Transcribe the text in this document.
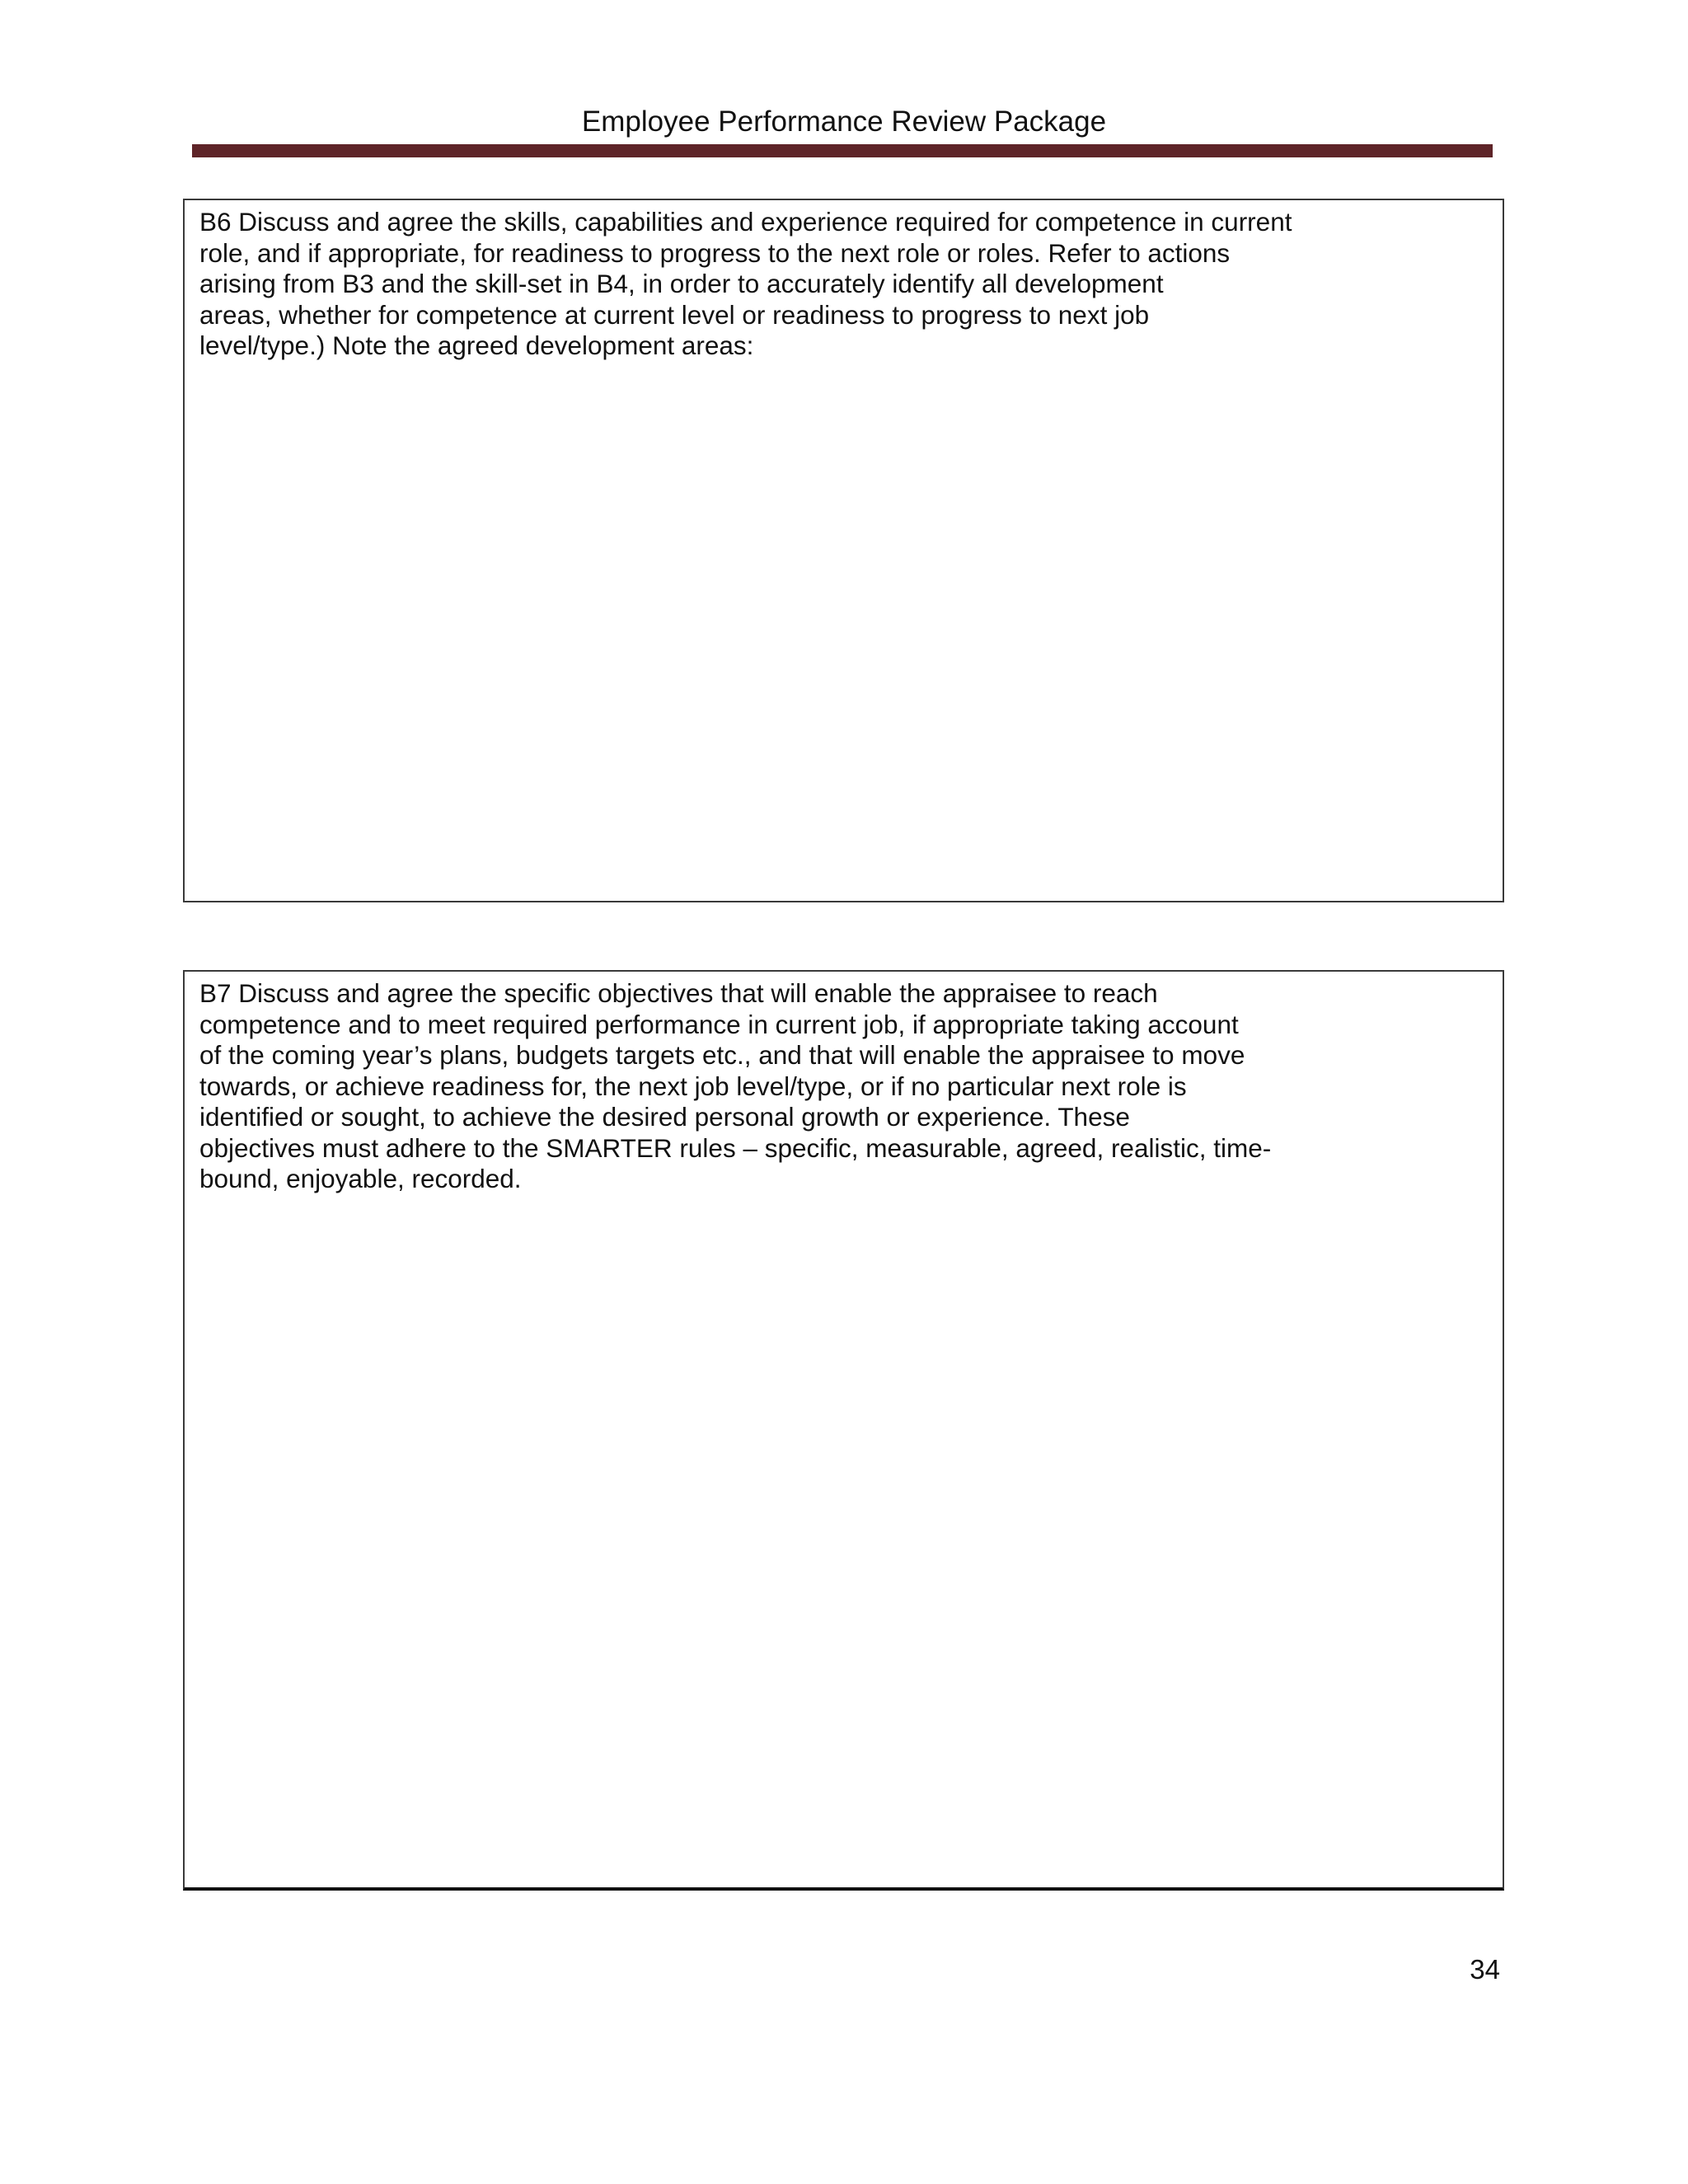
Employee Performance Review Package

B6 Discuss and agree the skills, capabilities and experience required for competence in current
role, and if appropriate, for readiness to progress to the next role or roles. Refer to actions
arising from B3 and the skill-set in B4, in order to accurately identify all development
areas, whether for competence at current level or readiness to progress to next job
level/type.) Note the agreed development areas:

B7 Discuss and agree the specific objectives that will enable the appraisee to reach
competence and to meet required performance in current job, if appropriate taking account
of the coming year’s plans, budgets targets etc., and that will enable the appraisee to move
towards, or achieve readiness for, the next job level/type, or if no particular next role is
identified or sought, to achieve the desired personal growth or experience. These
objectives must adhere to the SMARTER rules – specific, measurable, agreed, realistic, time-
bound, enjoyable, recorded.

34
